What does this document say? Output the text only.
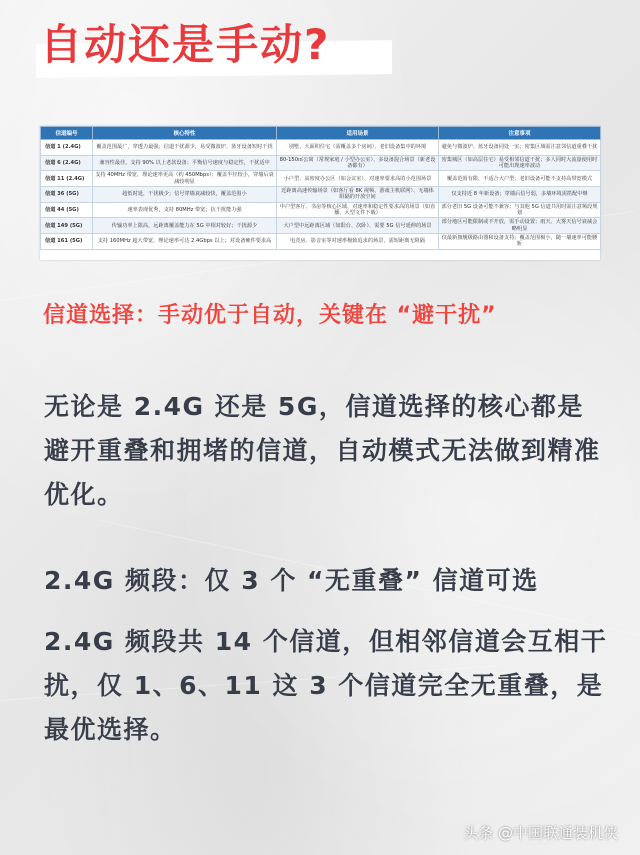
自动还是手动?
信道编号	核心特性	适用场景	注意事项
信道 1 (2.4G)	覆盖范围最广，穿透力最强；信道干扰源少，易受微波炉、蓝牙设备短时干扰	别墅、大面积住宅（需覆盖多个房间）、老旧设备集中的环境	避免与微波炉、蓝牙设备同处一室；密集区域需注意邻信道重叠干扰
信道 6 (2.4G)	兼容性最佳，支持 90% 以上老款设备；平衡信号速度与稳定性，干扰适中	80-150㎡公寓（常规家庭 / 小型办公室）、多设备混合场景（新老设备都有）	密集城区（如高层住宅）易受相邻信道干扰；多人同时大流量使用时可能出现速率波动
信道 11 (2.4G)	支持 40MHz 带宽，理论速率更高（约 450Mbps）；覆盖半径较小，穿墙后衰减较明显	小户型、高密度办公区（如会议室）、对速率要求高的小范围场景	覆盖范围有限，不适合大户型；老旧设备可能不支持高带宽模式
信道 36 (5G)	超低时延，干扰极少；信号穿墙衰减较快，覆盖范围小	近距离高速传输场景（如客厅看 8K 视频、游戏主机联网）、无墙体阻隔的开放空间	仅支持近 8 年新设备；穿墙后信号弱，多墙环境需搭配中继
信道 44 (5G)	速率表现优秀，支持 80MHz 带宽；抗干扰能力强	中户型客厅、书房等核心区域、对速率和稳定性要求高的场景（如直播、大型文件下载）	部分老旧 5G 设备可能不兼容；与其他 5G 信道共用时需注意频段规划
信道 149 (5G)	传输功率上限高，远距离覆盖能力在 5G 中相对较好；干扰源少	大户型中远距离区域（如阳台、次卧）、需要 5G 信号延伸的场景	部分地区可能限制或不开放，需手动设置；雨天、大雾天信号衰减会略明显
信道 161 (5G)	支持 160MHz 超大带宽，理论速率可达 2.4Gbps 以上；对设备硬件要求高	电竞房、影音室等对速率极致追求的场景，需短距离无阻隔	仅最新旗舰级路由器和设备支持；覆盖范围极小，随一墙速率可能腰斩
信道选择：手动优于自动，关键在 “避干扰”

无论是 2.4G 还是 5G，信道选择的核心都是避开重叠和拥堵的信道，自动模式无法做到精准优化。

2.4G 频段：仅 3 个 “无重叠” 信道可选

2.4G 频段共 14 个信道，但相邻信道会互相干扰，仅 1、6、11 这 3 个信道完全无重叠，是最优选择。

头条 @中国联通装机侠
